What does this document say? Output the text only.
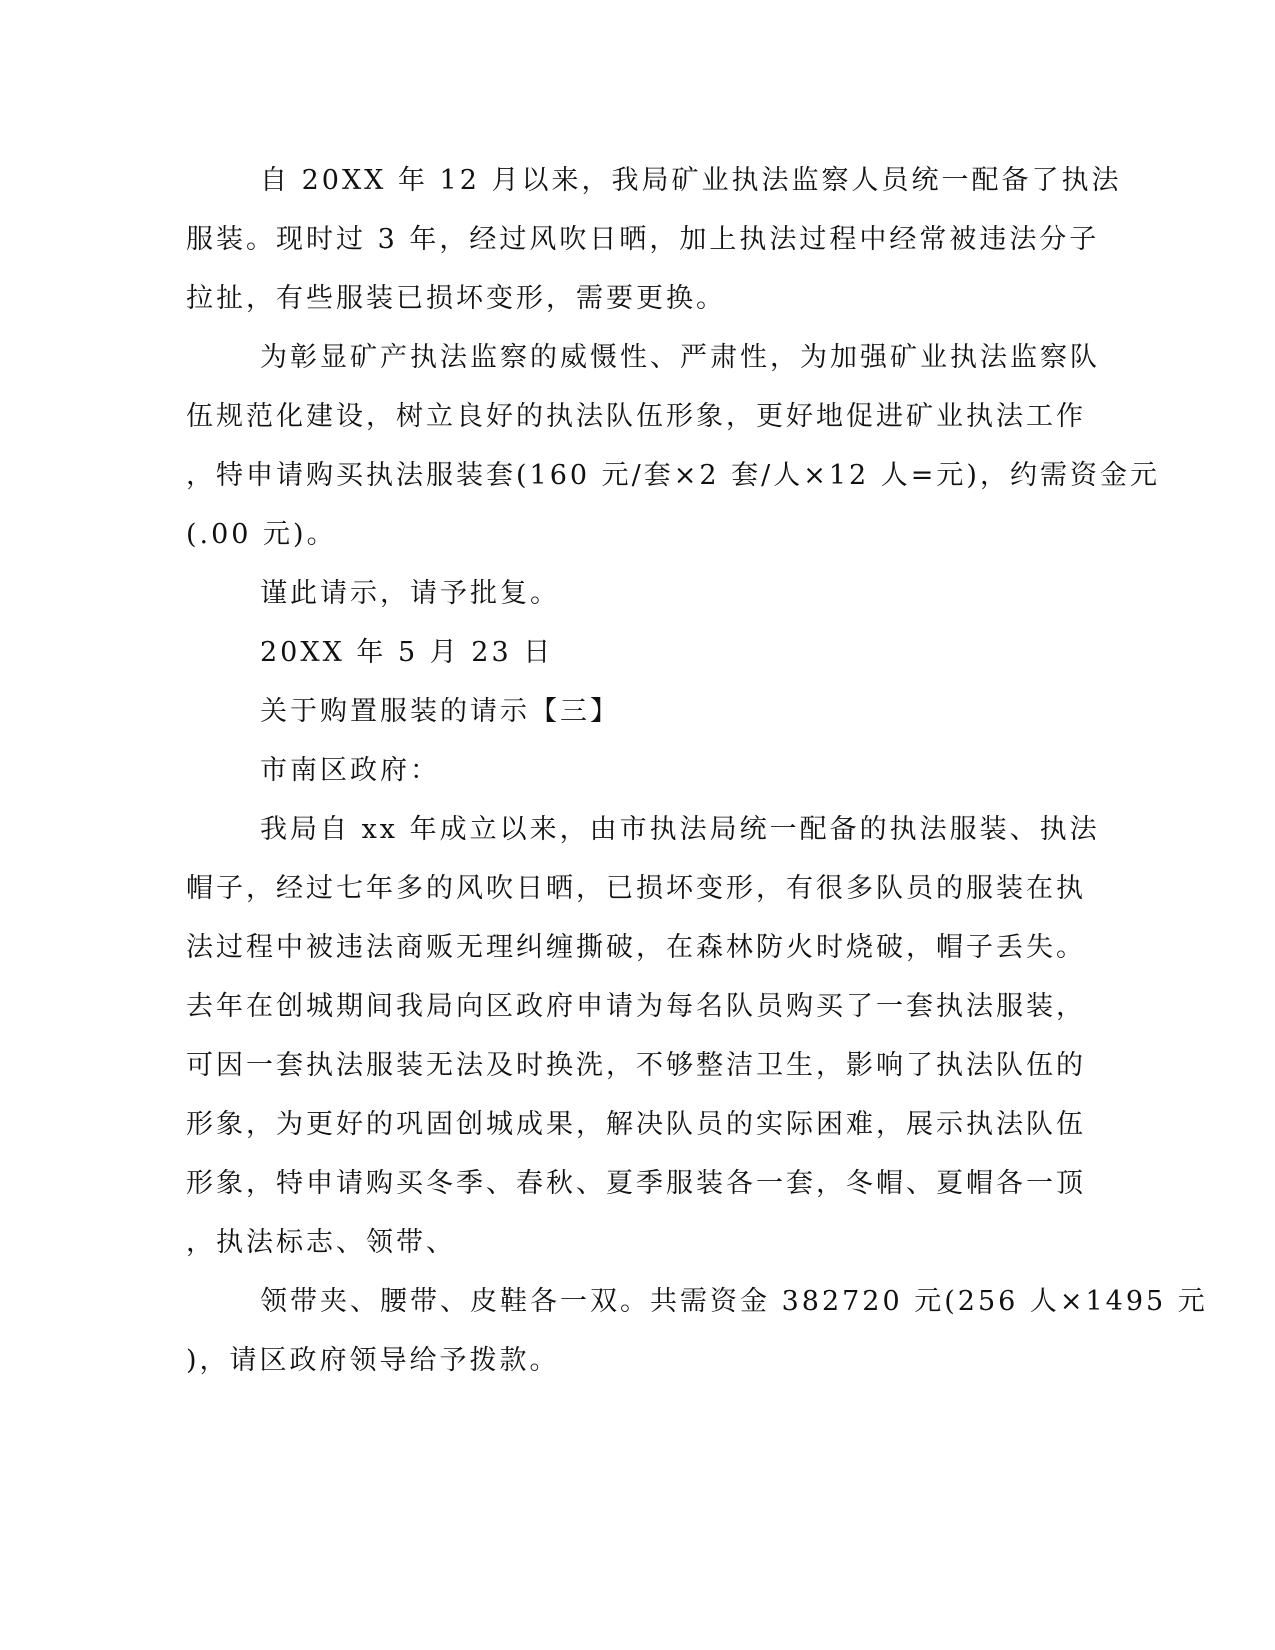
自 20XX 年 12 月以来，我局矿业执法监察人员统一配备了执法

服装。现时过 3 年，经过风吹日晒，加上执法过程中经常被违法分子

拉扯，有些服装已损坏变形，需要更换。

为彰显矿产执法监察的威慑性、严肃性，为加强矿业执法监察队

伍规范化建设，树立良好的执法队伍形象，更好地促进矿业执法工作

，特申请购买执法服装套(160 元/套×2 套/人×12 人=元)，约需资金元

(.00 元)。

谨此请示，请予批复。

20XX 年 5 月 23 日

关于购置服装的请示【三】

市南区政府：

我局自 xx 年成立以来，由市执法局统一配备的执法服装、执法

帽子，经过七年多的风吹日晒，已损坏变形，有很多队员的服装在执

法过程中被违法商贩无理纠缠撕破，在森林防火时烧破，帽子丢失。

去年在创城期间我局向区政府申请为每名队员购买了一套执法服装，

可因一套执法服装无法及时换洗，不够整洁卫生，影响了执法队伍的

形象，为更好的巩固创城成果，解决队员的实际困难，展示执法队伍

形象，特申请购买冬季、春秋、夏季服装各一套，冬帽、夏帽各一顶

，执法标志、领带、

领带夹、腰带、皮鞋各一双。共需资金 382720 元(256 人×1495 元

)，请区政府领导给予拨款。
